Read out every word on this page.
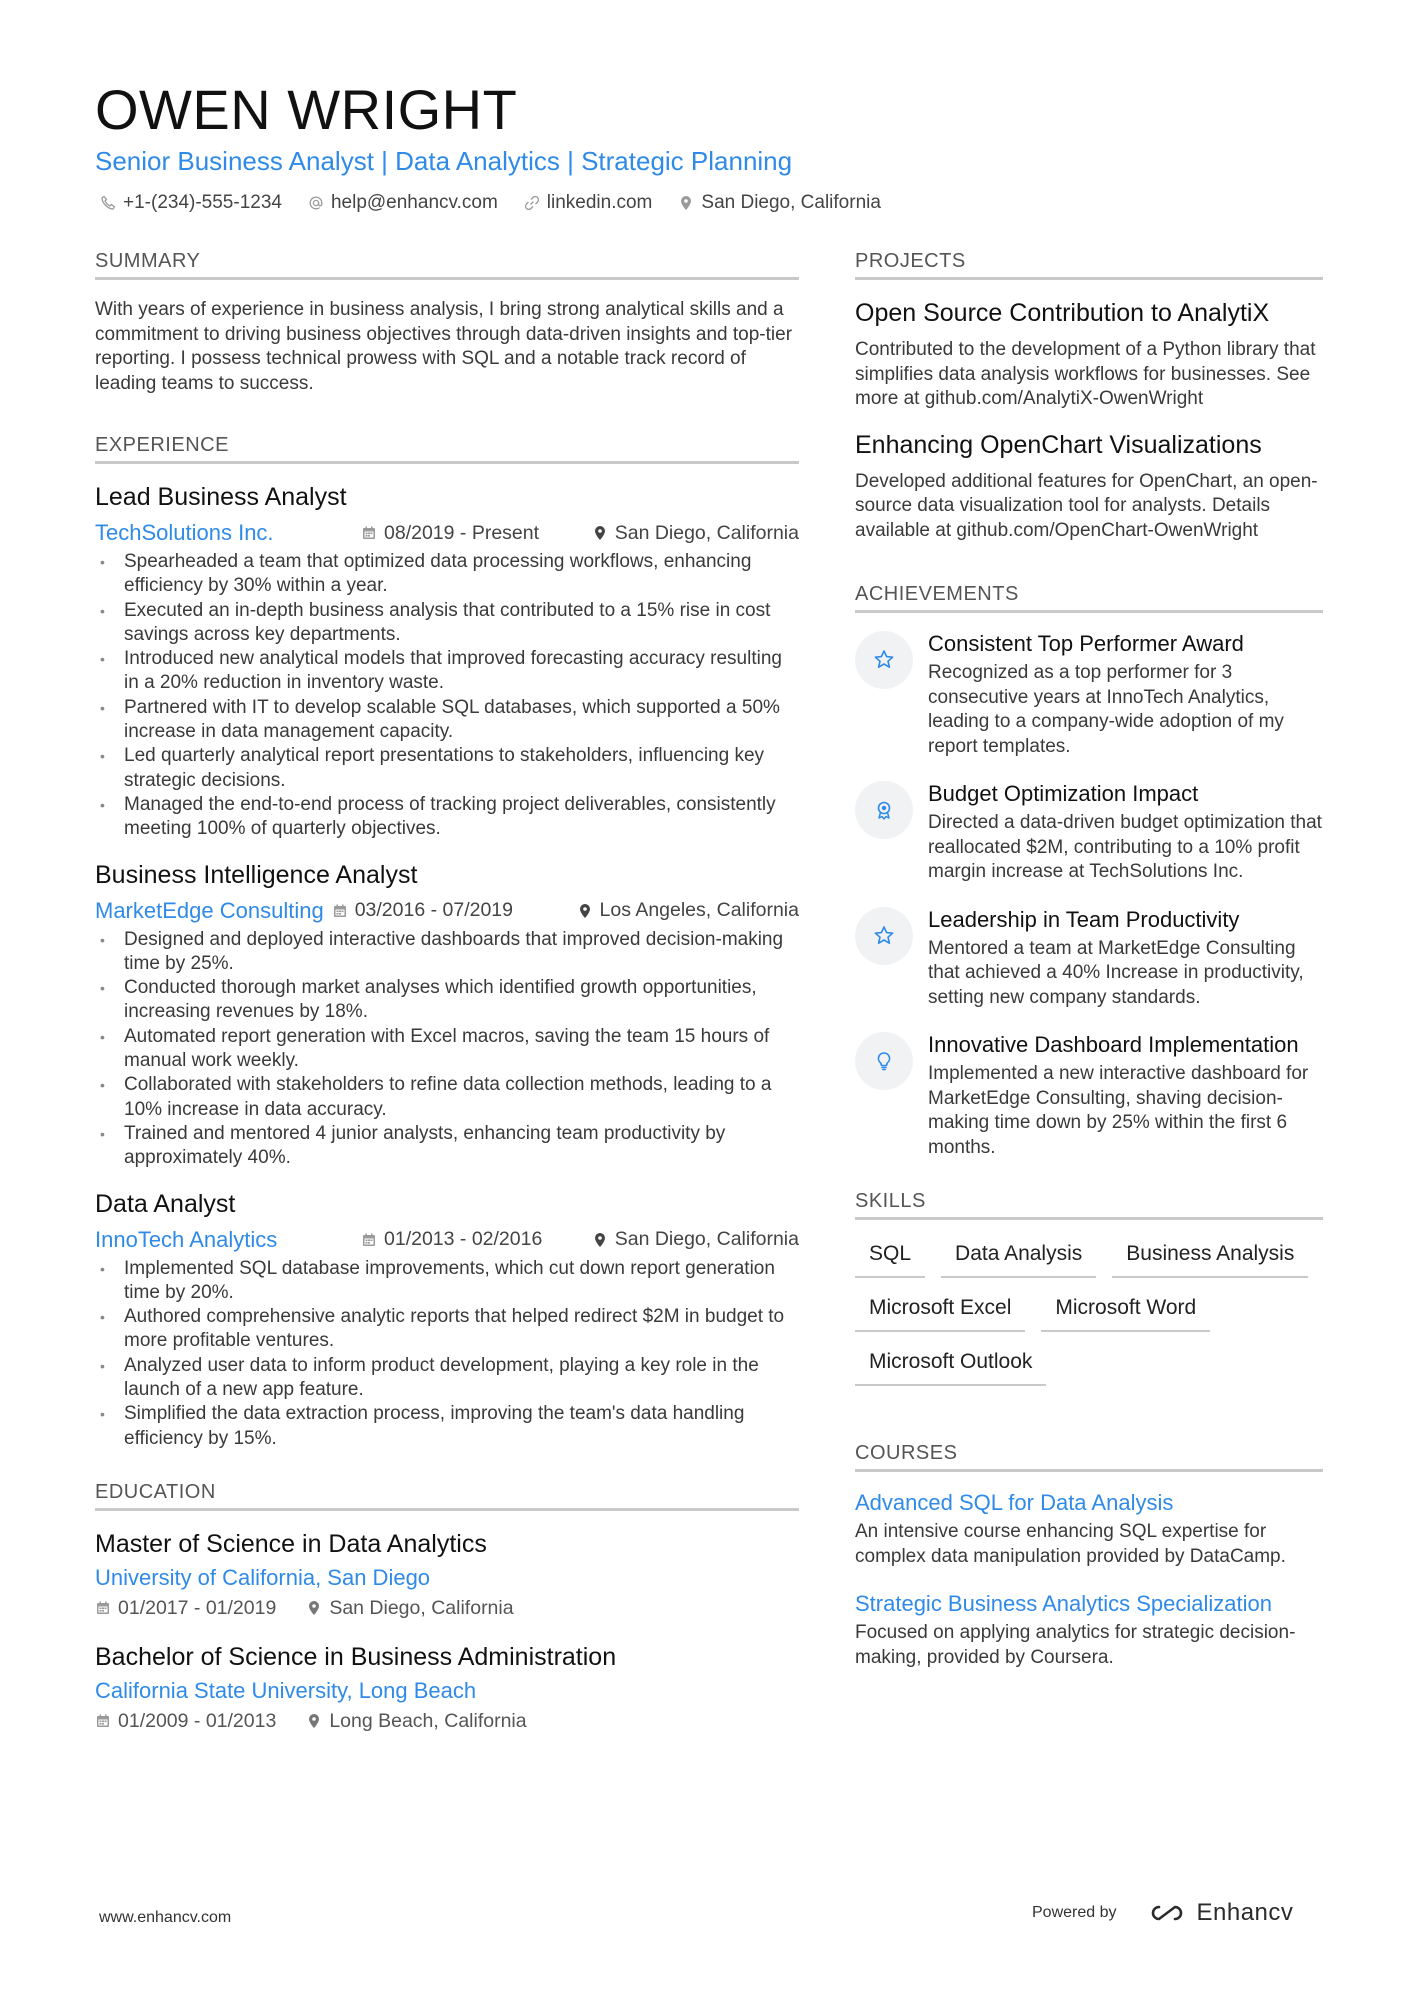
OWEN WRIGHT
Senior Business Analyst | Data Analytics | Strategic Planning
+1-(234)-555-1234	help@enhancv.com	linkedin.com	San Diego, California
SUMMARY
With years of experience in business analysis, I bring strong analytical skills and a commitment to driving business objectives through data-driven insights and top-tier reporting. I possess technical prowess with SQL and a notable track record of leading teams to success.
EXPERIENCE
Lead Business Analyst
TechSolutions Inc.	08/2019 - Present	San Diego, California
• Spearheaded a team that optimized data processing workflows, enhancing efficiency by 30% within a year.
• Executed an in-depth business analysis that contributed to a 15% rise in cost savings across key departments.
• Introduced new analytical models that improved forecasting accuracy resulting in a 20% reduction in inventory waste.
• Partnered with IT to develop scalable SQL databases, which supported a 50% increase in data management capacity.
• Led quarterly analytical report presentations to stakeholders, influencing key strategic decisions.
• Managed the end-to-end process of tracking project deliverables, consistently meeting 100% of quarterly objectives.
Business Intelligence Analyst
MarketEdge Consulting 03/2016 - 07/2019	Los Angeles, California
• Designed and deployed interactive dashboards that improved decision-making time by 25%.
• Conducted thorough market analyses which identified growth opportunities, increasing revenues by 18%.
• Automated report generation with Excel macros, saving the team 15 hours of manual work weekly.
• Collaborated with stakeholders to refine data collection methods, leading to a 10% increase in data accuracy.
• Trained and mentored 4 junior analysts, enhancing team productivity by approximately 40%.
Data Analyst
InnoTech Analytics	01/2013 - 02/2016	San Diego, California
• Implemented SQL database improvements, which cut down report generation time by 20%.
• Authored comprehensive analytic reports that helped redirect $2M in budget to more profitable ventures.
• Analyzed user data to inform product development, playing a key role in the launch of a new app feature.
• Simplified the data extraction process, improving the team's data handling efficiency by 15%.
EDUCATION
Master of Science in Data Analytics
University of California, San Diego
01/2017 - 01/2019	San Diego, California
Bachelor of Science in Business Administration
California State University, Long Beach
01/2009 - 01/2013	Long Beach, California
PROJECTS
Open Source Contribution to AnalytiX
Contributed to the development of a Python library that simplifies data analysis workflows for businesses. See more at github.com/AnalytiX-OwenWright
Enhancing OpenChart Visualizations
Developed additional features for OpenChart, an open-source data visualization tool for analysts. Details available at github.com/OpenChart-OwenWright
ACHIEVEMENTS
Consistent Top Performer Award
Recognized as a top performer for 3 consecutive years at InnoTech Analytics, leading to a company-wide adoption of my report templates.
Budget Optimization Impact
Directed a data-driven budget optimization that reallocated $2M, contributing to a 10% profit margin increase at TechSolutions Inc.
Leadership in Team Productivity
Mentored a team at MarketEdge Consulting that achieved a 40% Increase in productivity, setting new company standards.
Innovative Dashboard Implementation
Implemented a new interactive dashboard for MarketEdge Consulting, shaving decision-making time down by 25% within the first 6 months.
SKILLS
SQL	Data Analysis	Business Analysis
Microsoft Excel	Microsoft Word
Microsoft Outlook
COURSES
Advanced SQL for Data Analysis
An intensive course enhancing SQL expertise for complex data manipulation provided by DataCamp.
Strategic Business Analytics Specialization
Focused on applying analytics for strategic decision-making, provided by Coursera.
www.enhancv.com	Powered by	Enhancv
